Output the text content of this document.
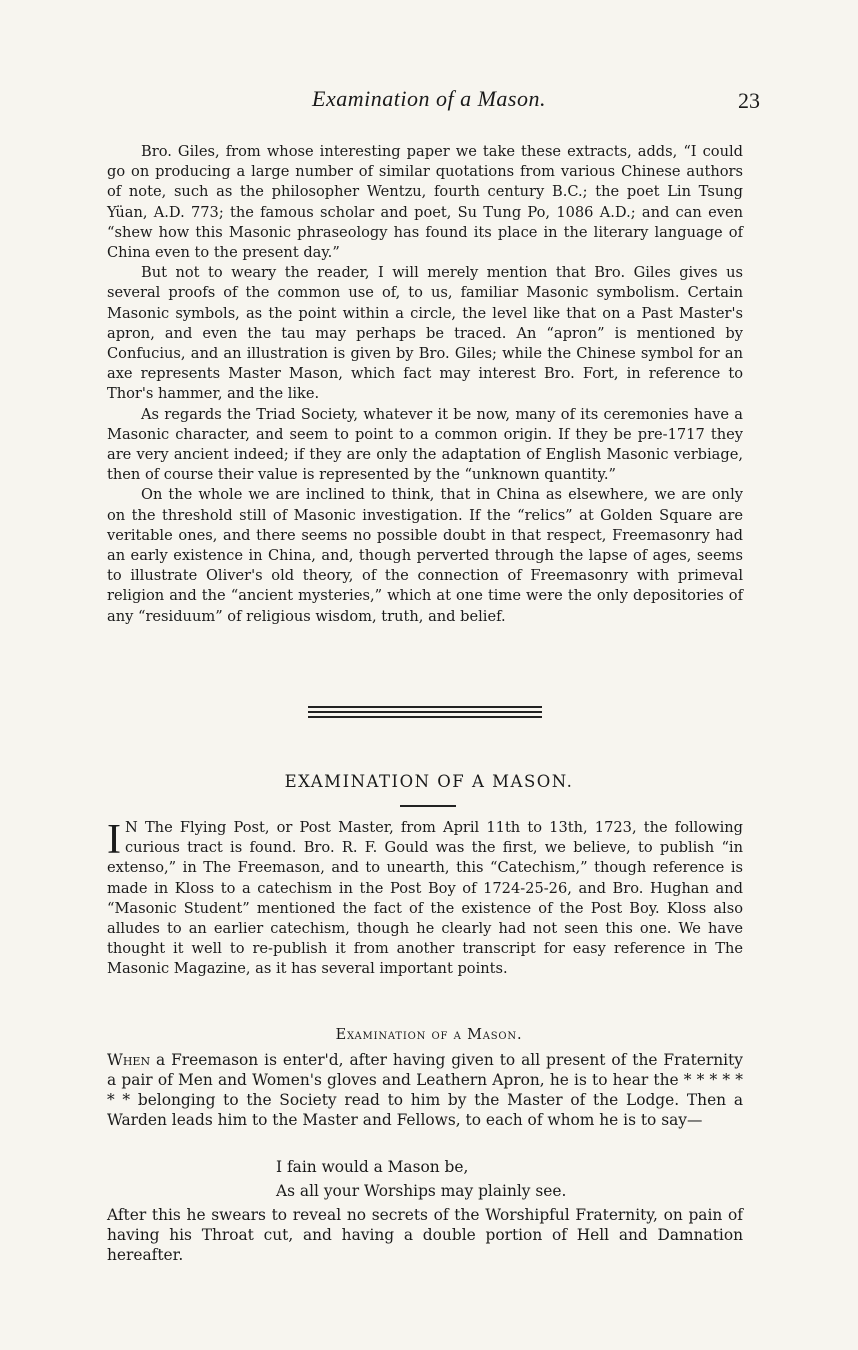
Examination of a Mason.	23

Bro. Giles, from whose interesting paper we take these extracts, adds, “I could go on producing a large number of similar quotations from various Chinese authors of note, such as the philosopher Wentzu, fourth century B.C.; the poet Lin Tsung Yüan, A.D. 773; the famous scholar and poet, Su Tung Po, 1086 A.D.; and can even “shew how this Masonic phraseology has found its place in the literary language of China even to the present day.”

But not to weary the reader, I will merely mention that Bro. Giles gives us several proofs of the common use of, to us, familiar Masonic symbolism. Certain Masonic symbols, as the point within a circle, the level like that on a Past Master's apron, and even the tau may perhaps be traced. An “apron” is mentioned by Confucius, and an illustration is given by Bro. Giles; while the Chinese symbol for an axe represents Master Mason, which fact may interest Bro. Fort, in reference to Thor's hammer, and the like.

As regards the Triad Society, whatever it be now, many of its ceremonies have a Masonic character, and seem to point to a common origin. If they be pre-1717 they are very ancient indeed; if they are only the adaptation of English Masonic verbiage, then of course their value is represented by the “unknown quantity.”

On the whole we are inclined to think, that in China as elsewhere, we are only on the threshold still of Masonic investigation. If the “relics” at Golden Square are veritable ones, and there seems no possible doubt in that respect, Freemasonry had an early existence in China, and, though perverted through the lapse of ages, seems to illustrate Oliver's old theory, of the connection of Freemasonry with primeval religion and the “ancient mysteries,” which at one time were the only depositories of any “residuum” of religious wisdom, truth, and belief.

EXAMINATION OF A MASON.

I N The Flying Post, or Post Master, from April 11th to 13th, 1723, the following curious tract is found. Bro. R. F. Gould was the first, we believe, to publish “in extenso,” in The Freemason, and to unearth, this “Catechism,” though reference is made in Kloss to a catechism in the Post Boy of 1724-25-26, and Bro. Hughan and “Masonic Student” mentioned the fact of the existence of the Post Boy. Kloss also alludes to an earlier catechism, though he clearly had not seen this one. We have thought it well to re-publish it from another transcript for easy reference in The Masonic Magazine, as it has several important points.

Examination of a Mason.

When a Freemason is enter'd, after having given to all present of the Fraternity a pair of Men and Women's gloves and Leathern Apron, he is to hear the * * * * * * * belonging to the Society read to him by the Master of the Lodge. Then a Warden leads him to the Master and Fellows, to each of whom he is to say—

I fain would a Mason be,
As all your Worships may plainly see.

After this he swears to reveal no secrets of the Worshipful Fraternity, on pain of having his Throat cut, and having a double portion of Hell and Damnation hereafter.
